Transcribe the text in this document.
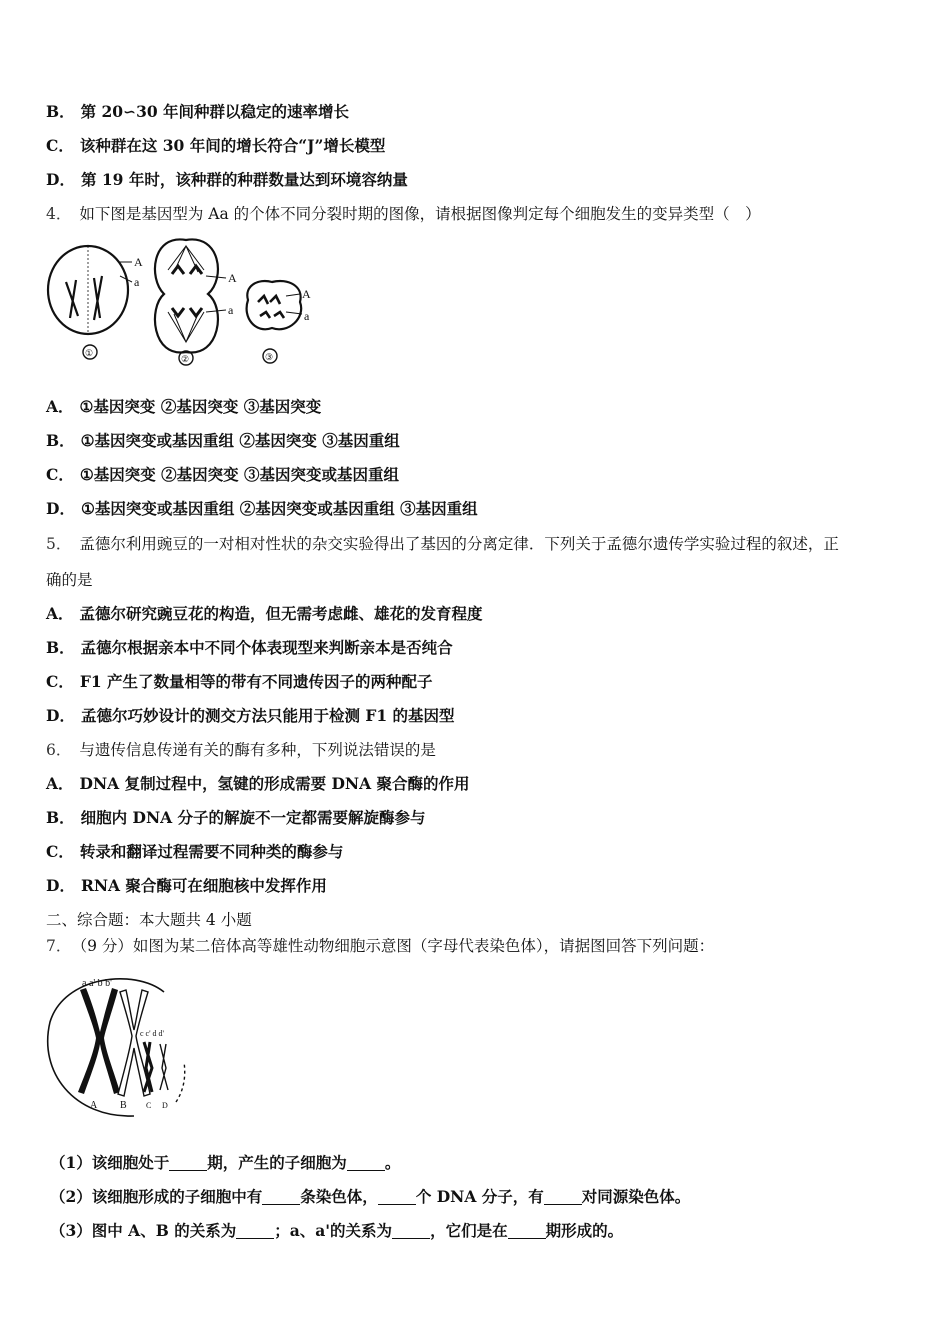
B． 第 20∽30 年间种群以稳定的速率增长
C． 该种群在这 30 年间的增长符合“J”增长模型
D． 第 19 年时，该种群的种群数量达到环境容纳量
4． 如下图是基因型为 Aa 的个体不同分裂时期的图像，请根据图像判定每个细胞发生的变异类型（　）
A
a	A
a
A
a
①
②	③
A． ①基因突变 ②基因突变 ③基因突变
B． ①基因突变或基因重组 ②基因突变 ③基因重组
C． ①基因突变 ②基因突变 ③基因突变或基因重组
D． ①基因突变或基因重组 ②基因突变或基因重组 ③基因重组
5． 孟德尔利用豌豆的一对相对性状的杂交实验得出了基因的分离定律．下列关于孟德尔遗传学实验过程的叙述，正
确的是
A． 孟德尔研究豌豆花的构造，但无需考虑雌、雄花的发育程度
B． 孟德尔根据亲本中不同个体表现型来判断亲本是否纯合
C． F1 产生了数量相等的带有不同遗传因子的两种配子
D． 孟德尔巧妙设计的测交方法只能用于检测 F1 的基因型
6． 与遗传信息传递有关的酶有多种，下列说法错误的是
A． DNA 复制过程中，氢键的形成需要 DNA 聚合酶的作用
B． 细胞内 DNA 分子的解旋不一定都需要解旋酶参与
C． 转录和翻译过程需要不同种类的酶参与
D． RNA 聚合酶可在细胞核中发挥作用
二、综合题：本大题共 4 小题
7． （9 分）如图为某二倍体高等雄性动物细胞示意图（字母代表染色体），请据图回答下列问题：
a a' b b'
c c' d d'
A B C D
（1）该细胞处于 期，产生的子细胞为 。
（2）该细胞形成的子细胞中有 条染色体， 个 DNA 分子，有 对同源染色体。
（3）图中 A、B 的关系为 ；a、a'的关系为 ，它们是在 期形成的。
